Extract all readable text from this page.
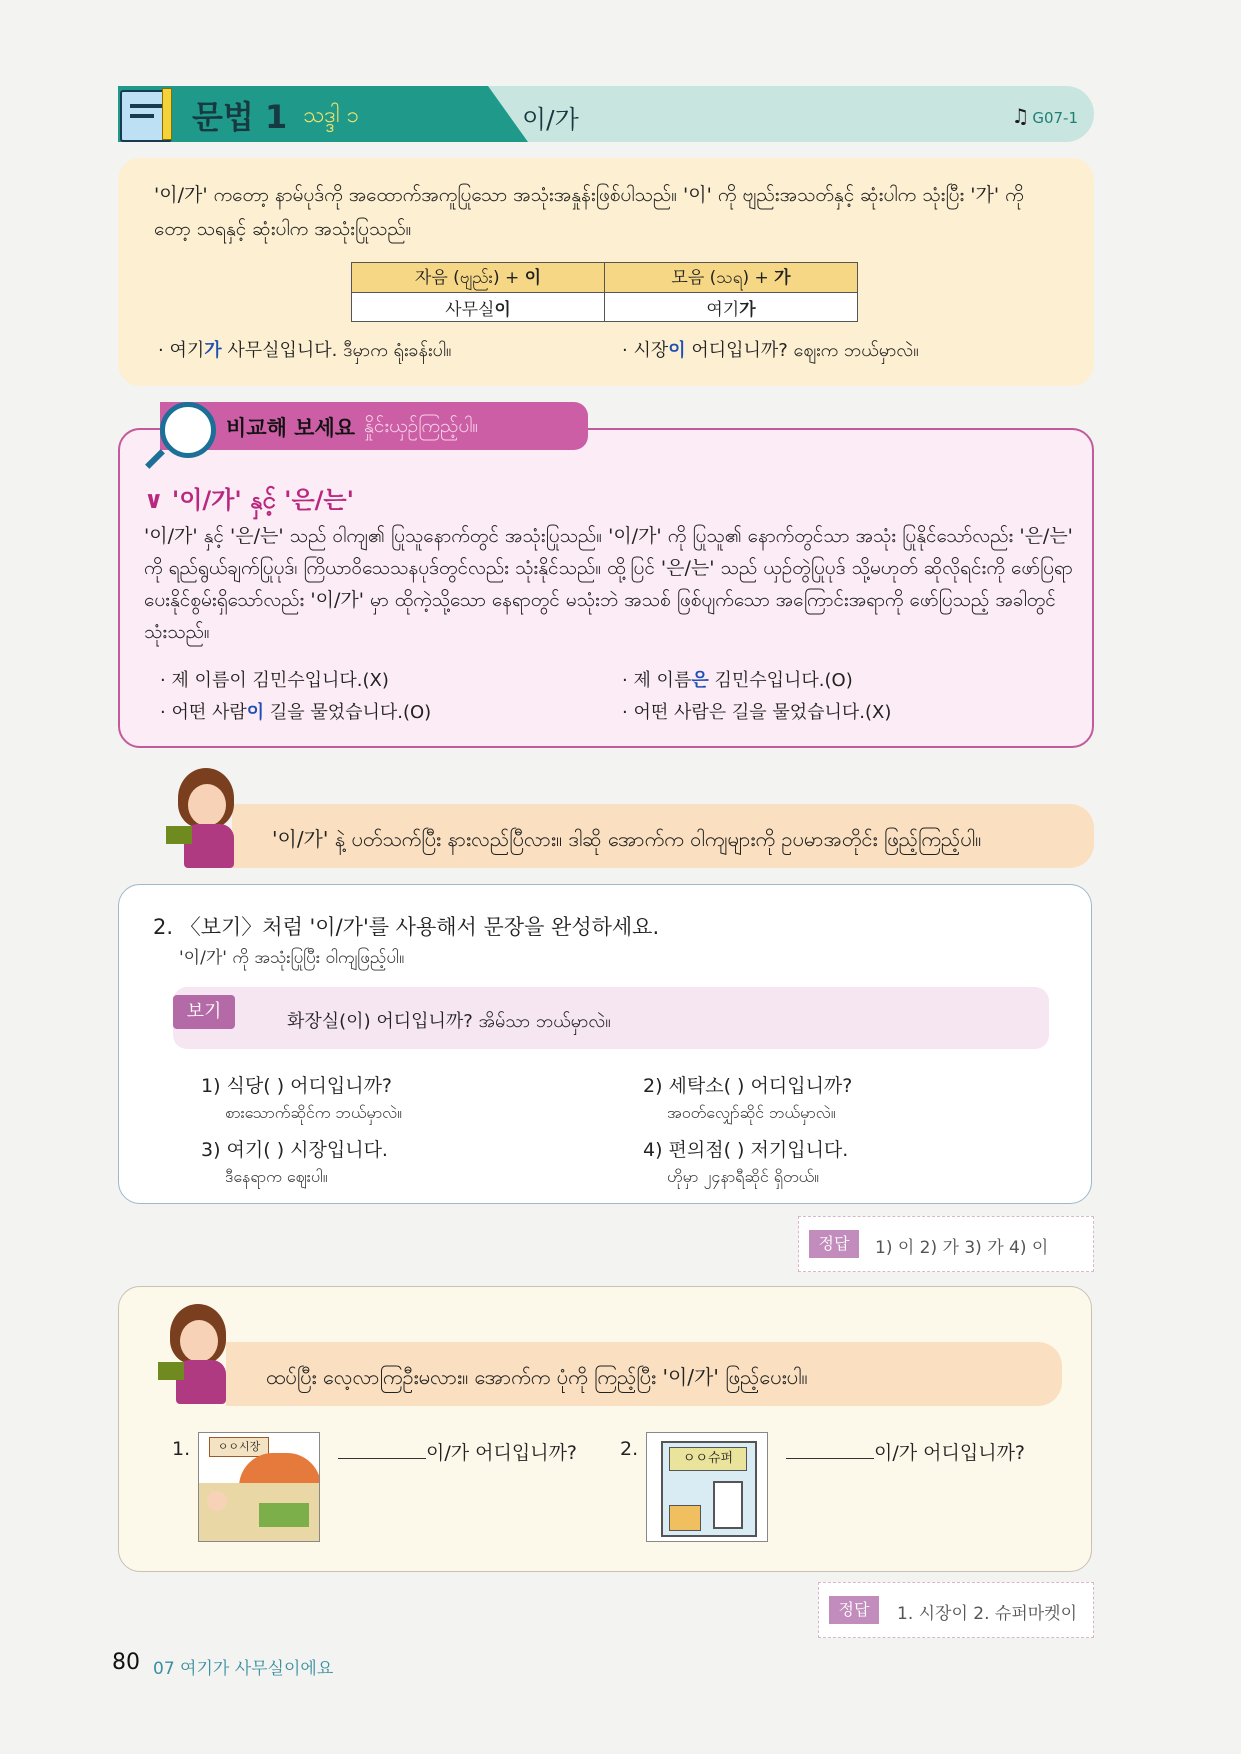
문법 1 သဒ္ဒါ ၁	이/가	♫ G07-1
'이/가' ကတော့ နာမ်ပုဒ်ကို အထောက်အကူပြုသော အသုံးအနှုန်းဖြစ်ပါသည်။ '이' ကို ဗျည်းအသတ်နှင့် ဆုံးပါက သုံးပြီး '가' ကိုတော့ သရနှင့် ဆုံးပါက အသုံးပြုသည်။
자음 (ဗျည်း) + 이	모음 (သရ) + 가
사무실이	여기가
· 여기가 사무실입니다. ဒီမှာက ရုံးခန်းပါ။	· 시장이 어디입니까? ဈေးက ဘယ်မှာလဲ။
∨ '이/가' နှင့် '은/는'
'이/가' နှင့် '은/는' သည် ဝါကျ၏ ပြုသူနောက်တွင် အသုံးပြုသည်။ '이/가' ကို ပြုသူ၏ နောက်တွင်သာ အသုံး ပြုနိုင်သော်လည်း '은/는' ကို ရည်ရွယ်ချက်ပြုပုဒ်၊ ကြိယာဝိသေသနပုဒ်တွင်လည်း သုံးနိုင်သည်။ ထို့ပြင် '은/는' သည် ယှဉ်တွဲပြုပုဒ် သို့မဟုတ် ဆိုလိုရင်းကို ဖော်ပြရာပေးနိုင်စွမ်းရှိသော်လည်း '이/가' မှာ ထိုကဲ့သို့သော နေရာတွင် မသုံးဘဲ အသစ် ဖြစ်ပျက်သော အကြောင်းအရာကို ဖော်ပြသည့် အခါတွင် သုံးသည်။
· 제 이름이 김민수입니다.(X)
· 어떤 사람이 길을 물었습니다.(O)
· 제 이름은 김민수입니다.(O)
· 어떤 사람은 길을 물었습니다.(X)
비교해 보세요 နှိုင်းယှဉ်ကြည့်ပါ။
'이/가' နဲ့ ပတ်သက်ပြီး နားလည်ပြီလား။ ဒါဆို အောက်က ဝါကျများကို ဥပမာအတိုင်း ဖြည့်ကြည့်ပါ။
2. 〈보기〉처럼 '이/가'를 사용해서 문장을 완성하세요.
'이/가' ကို အသုံးပြုပြီး ဝါကျဖြည့်ပါ။
보기	화장실(이) 어디입니까? အိမ်သာ ဘယ်မှာလဲ။
1) 식당( ) 어디입니까?
စားသောက်ဆိုင်က ဘယ်မှာလဲ။
2) 세탁소( ) 어디입니까?
အဝတ်လျှော်ဆိုင် ဘယ်မှာလဲ။
3) 여기( ) 시장입니다.
ဒီနေရာက ဈေးပါ။
4) 편의점( ) 저기입니다.
ဟိုမှာ ၂၄နာရီဆိုင် ရှိတယ်။
정답	1) 이 2) 가 3) 가 4) 이
ထပ်ပြီး လေ့လာကြဦးမလား။ အောက်က ပုံကို ကြည့်ပြီး '이/가' ဖြည့်ပေးပါ။
1.	ㅇㅇ시장	이/가 어디입니까? 2.	ㅇㅇ슈퍼	이/가 어디입니까?
정답	1. 시장이 2. 슈퍼마켓이
80 07 여기가 사무실이에요
